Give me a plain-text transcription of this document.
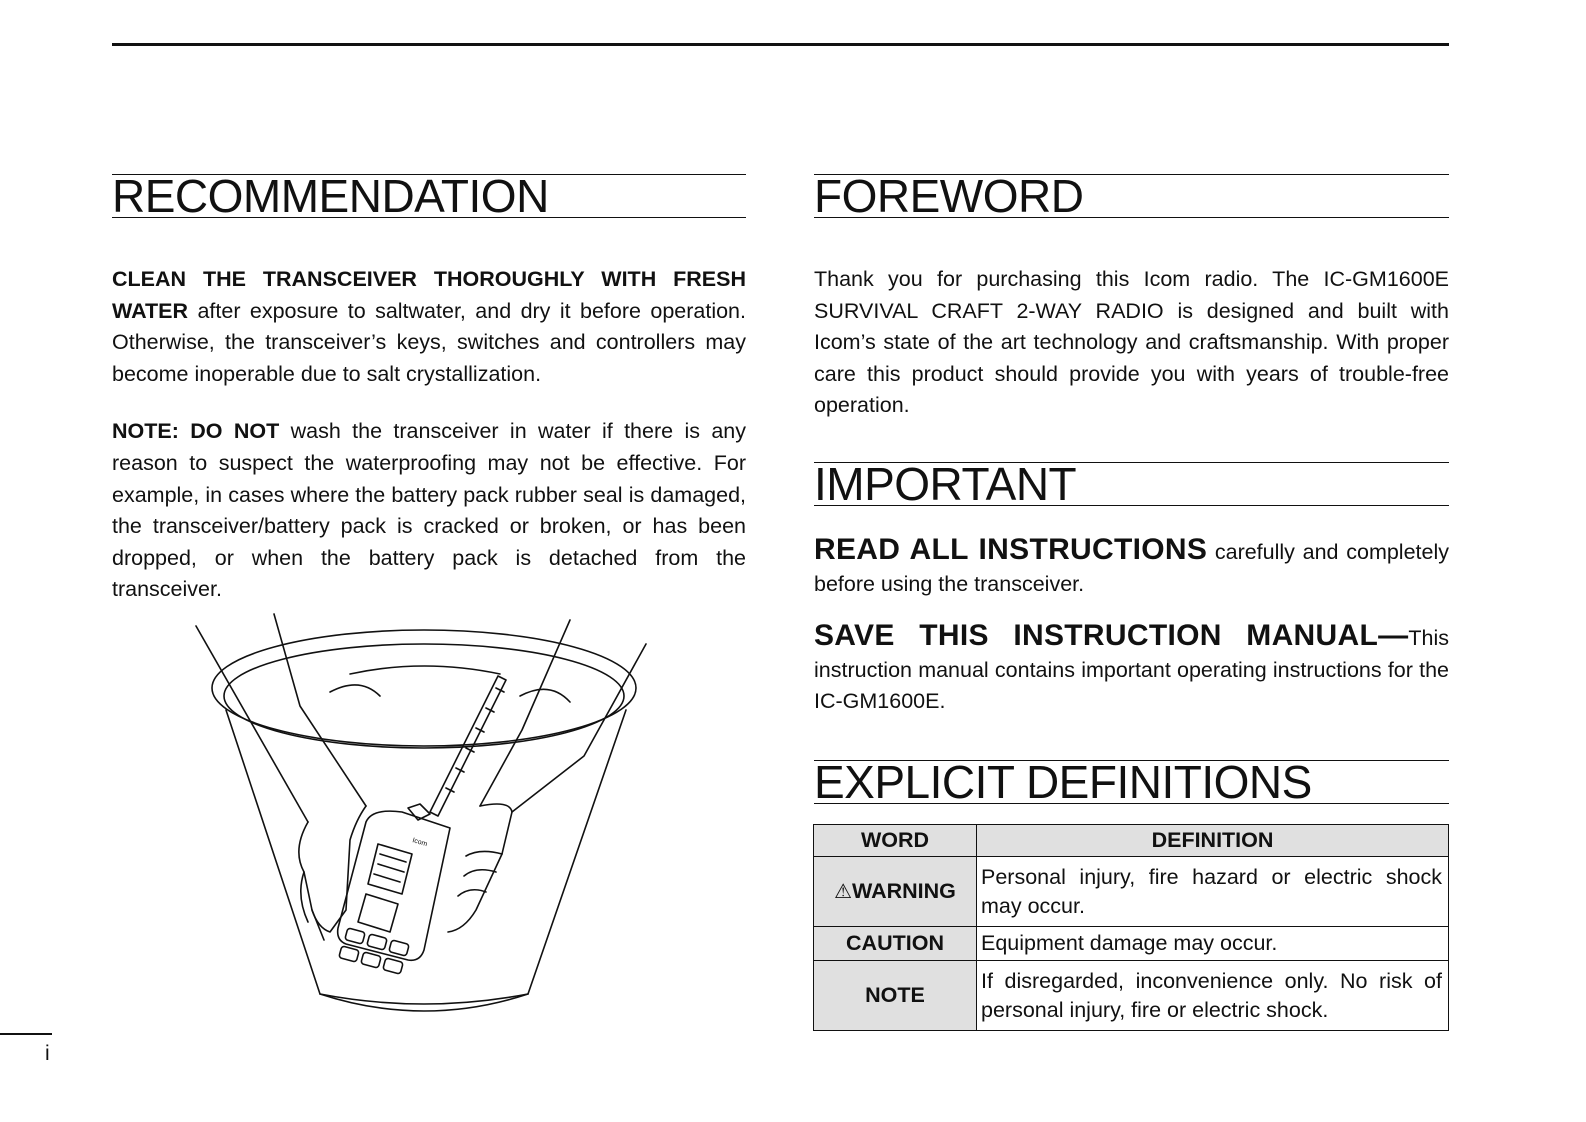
RECOMMENDATION

CLEAN THE TRANSCEIVER THOROUGHLY WITH FRESH WATER after exposure to saltwater, and dry it before operation. Otherwise, the transceiver’s keys, switches and controllers may become inoperable due to salt crystallization.

NOTE: DO NOT wash the transceiver in water if there is any reason to suspect the waterproofing may not be effective. For example, in cases where the battery pack rubber seal is damaged, the transceiver/battery pack is cracked or broken, or has been dropped, or when the battery pack is detached from the transceiver.

Icom
FOREWORD

Thank you for purchasing this Icom radio. The IC-GM1600E SURVIVAL CRAFT 2-WAY RADIO is designed and built with Icom’s state of the art technology and craftsmanship. With proper care this product should provide you with years of trouble-free operation.

IMPORTANT

READ ALL INSTRUCTIONS carefully and completely before using the transceiver.

SAVE THIS INSTRUCTION MANUAL—This instruction manual contains important operating instructions for the IC-GM1600E.

EXPLICIT DEFINITIONS
WORD	DEFINITION
⚠WARNING	Personal injury, fire hazard or electric shock may occur.
CAUTION	Equipment damage may occur.
NOTE	If disregarded, inconvenience only. No risk of personal injury, fire or electric shock.
i
